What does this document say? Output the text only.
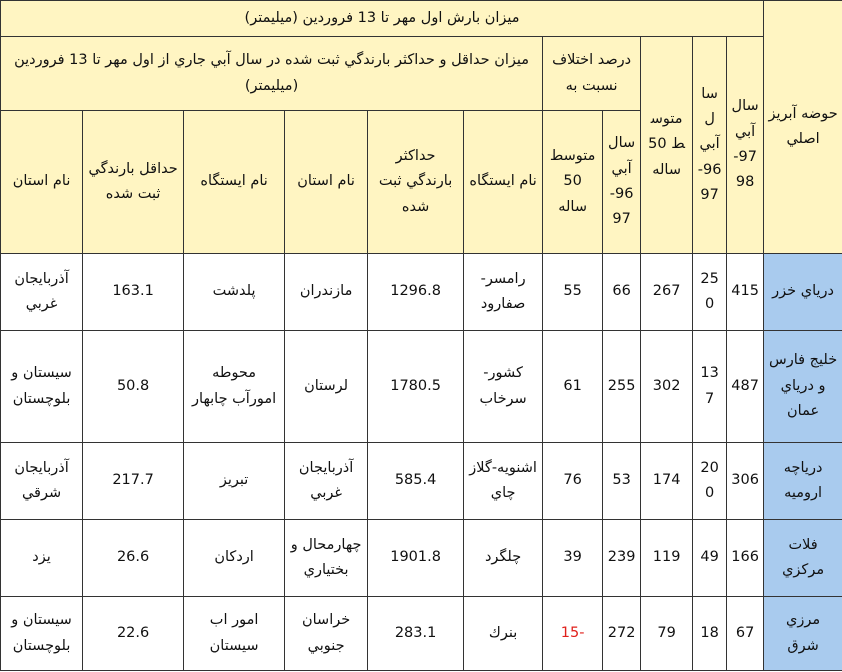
حوضه آبريز اصلي	ميزان بارش اول مهر تا 13 فروردين (ميليمتر)										
	سال آبي 97-98	سال آبي 96-97	متوسط 50 ساله	درصد اختلاف نسبت به		ميزان حداقل و حداكثر بارندگي ثبت شده در سال آبي جاري از اول مهر تا 13 فروردين (ميليمتر)					
				سال آبي 96-97	متوسط 50 ساله	نام ايستگاه	حداكثر بارندگي ثبت شده	نام استان	نام ايستگاه	حداقل بارندگي ثبت شده	نام استان
درياي خزر	415	250	267	66	55	رامسر-صفارود	1296.8	مازندران	پلدشت	163.1	آذربايجان غربي
خليج فارس و درياي عمان	487	137	302	255	61	كشور-سرخاب	1780.5	لرستان	محوطه امورآب چابهار	50.8	سيستان و بلوچستان
درياچه اروميه	306	200	174	53	76	اشنويه-گلاز چاي	585.4	آذربايجان غربي	تبريز	217.7	آذربايجان شرقي
فلات مركزي	166	49	119	239	39	چلگرد	1901.8	چهارمحال و بختياري	اردكان	26.6	يزد
مرزي شرق	67	18	79	272	-15	بنرك	283.1	خراسان جنوبي	امور اب سيستان	22.6	سيستان و بلوچستان
